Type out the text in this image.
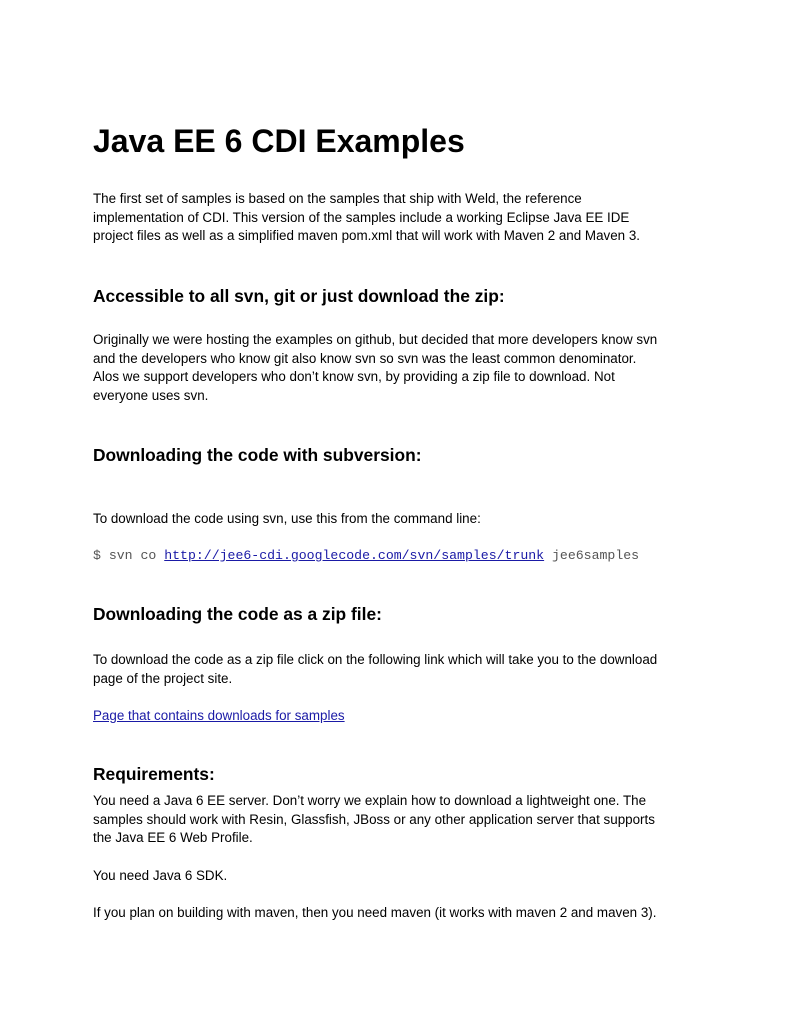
Java EE 6 CDI Examples
The first set of samples is based on the samples that ship with Weld, the reference
implementation of CDI. This version of the samples include a working Eclipse Java EE IDE
project files as well as a simplified maven pom.xml that will work with Maven 2 and Maven 3.
Accessible to all svn, git or just download the zip:
Originally we were hosting the examples on github, but decided that more developers know svn
and the developers who know git also know svn so svn was the least common denominator.
Alos we support developers who don’t know svn, by providing a zip file to download. Not
everyone uses svn.
Downloading the code with subversion:
To download the code using svn, use this from the command line:
$ svn co http://jee6-cdi.googlecode.com/svn/samples/trunk jee6samples
Downloading the code as a zip file:
To download the code as a zip file click on the following link which will take you to the download
page of the project site.
Page that contains downloads for samples
Requirements:
You need a Java 6 EE server. Don’t worry we explain how to download a lightweight one. The
samples should work with Resin, Glassfish, JBoss or any other application server that supports
the Java EE 6 Web Profile.
You need Java 6 SDK.
If you plan on building with maven, then you need maven (it works with maven 2 and maven 3).
